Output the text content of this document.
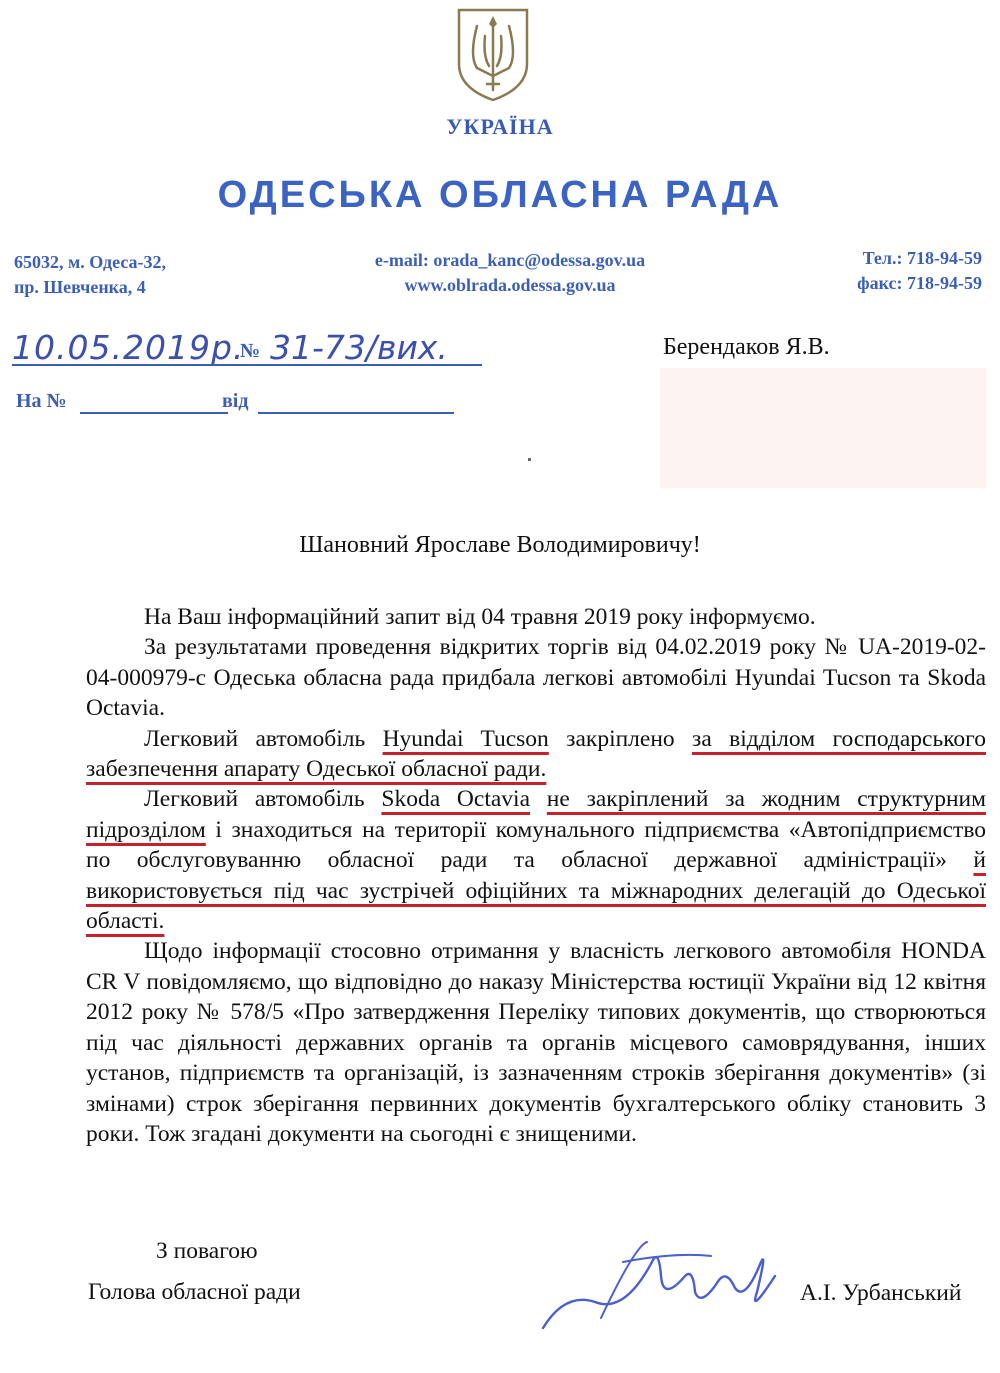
УКРАЇНА
ОДЕСЬКА ОБЛАСНА РАДА
65032, м. Одеса-32,
пр. Шевченка, 4
e-mail: orada_kanc@odessa.gov.ua
www.oblrada.odessa.gov.ua
Тел.: 718-94-59
факс: 718-94-59
10.05.2019р.
№ 31-73/вих.
На №	від
Берендаков Я.В.
Шановний Ярославе Володимировичу!

На Ваш інформаційний запит від 04 травня 2019 року інформуємо.

За результатами проведення відкритих торгів від 04.02.2019 року № UA-2019-02-04-000979-с Одеська обласна рада придбала легкові автомобілі Hyundai Tucson та Skoda Octavia.

Легковий автомобіль Hyundai Tucson закріплено за відділом господарського забезпечення апарату Одеської обласної ради.

Легковий автомобіль Skoda Octavia не закріплений за жодним структурним підрозділом і знаходиться на території комунального підприємства «Автопідприємство по обслуговуванню обласної ради та обласної державної адміністрації» й використовується під час зустрічей офіційних та міжнародних делегацій до Одеської області.

Щодо інформації стосовно отримання у власність легкового автомобіля HONDA CR V повідомляємо, що відповідно до наказу Міністерства юстиції України від 12 квітня 2012 року № 578/5 «Про затвердження Переліку типових документів, що створюються під час діяльності державних органів та органів місцевого самоврядування, інших установ, підприємств та організацій, із зазначенням строків зберігання документів» (зі змінами) строк зберігання первинних документів бухгалтерського обліку становить 3 роки. Тож згадані документи на сьогодні є знищеними.

З повагою
Голова обласної ради	А.І. Урбанський
